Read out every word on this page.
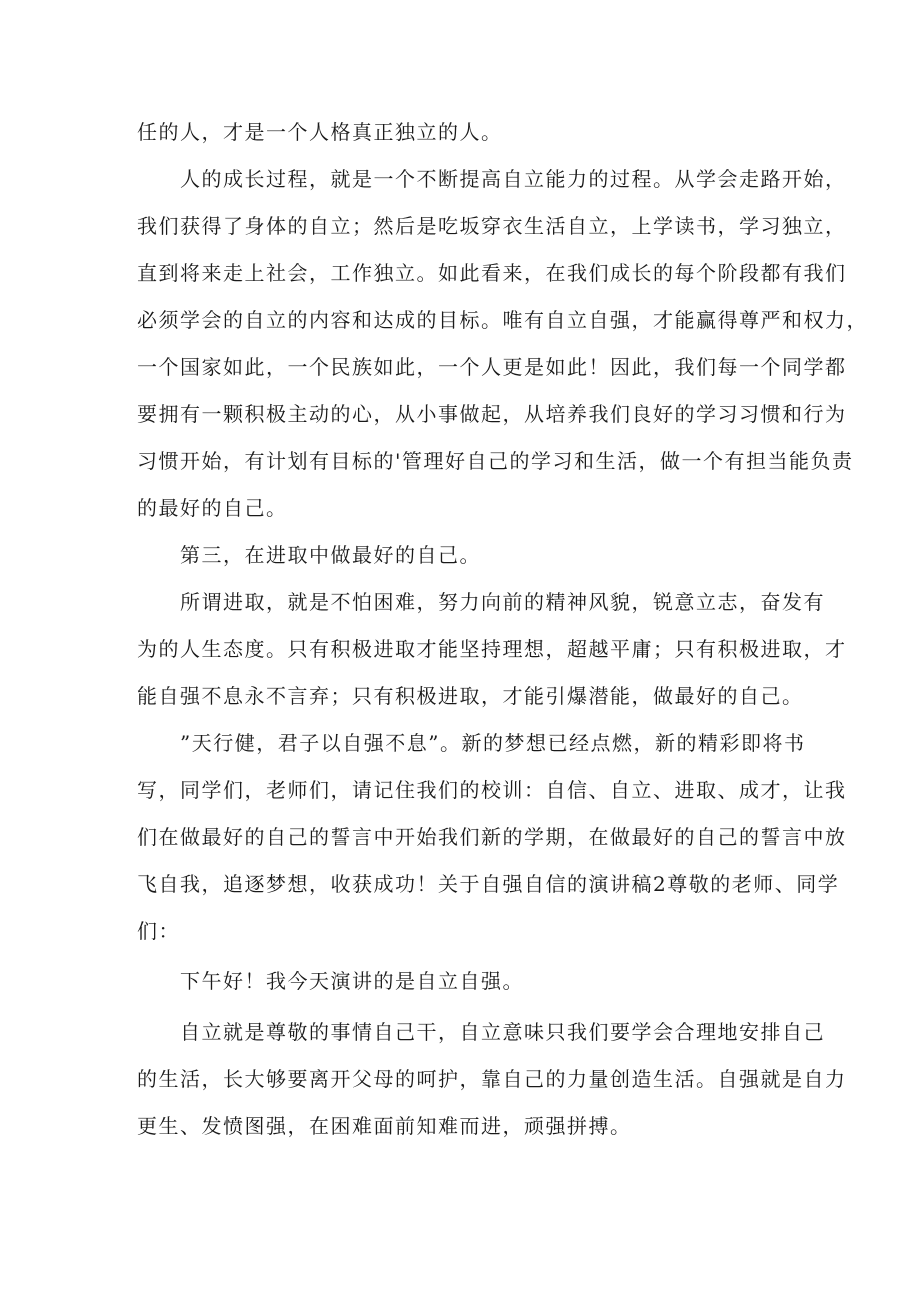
任的人，才是一个人格真正独立的人。
人的成长过程，就是一个不断提高自立能力的过程。从学会走路开始，
我们获得了身体的自立；然后是吃坂穿衣生活自立，上学读书，学习独立，
直到将来走上社会，工作独立。如此看来，在我们成长的每个阶段都有我们
必须学会的自立的内容和达成的目标。唯有自立自强，才能赢得尊严和权力，
一个国家如此，一个民族如此，一个人更是如此！因此，我们每一个同学都
要拥有一颗积极主动的心，从小事做起，从培养我们良好的学习习惯和行为
习惯开始，有计划有目标的'管理好自己的学习和生活，做一个有担当能负责
的最好的自己。
第三，在进取中做最好的自己。
所谓进取，就是不怕困难，努力向前的精神风貌，锐意立志，奋发有
为的人生态度。只有积极进取才能坚持理想，超越平庸；只有积极进取，才
能自强不息永不言弃；只有积极进取，才能引爆潜能，做最好的自己。
”天行健，君子以自强不息”。新的梦想已经点燃，新的精彩即将书
写，同学们，老师们，请记住我们的校训：自信、自立、进取、成才，让我
们在做最好的自己的誓言中开始我们新的学期，在做最好的自己的誓言中放
飞自我，追逐梦想，收获成功！关于自强自信的演讲稿2尊敬的老师、同学
们：
下午好！我今天演讲的是自立自强。
自立就是尊敬的事情自己干，自立意味只我们要学会合理地安排自己
的生活，长大够要离开父母的呵护，靠自己的力量创造生活。自强就是自力
更生、发愤图强，在困难面前知难而进，顽强拼搏。
